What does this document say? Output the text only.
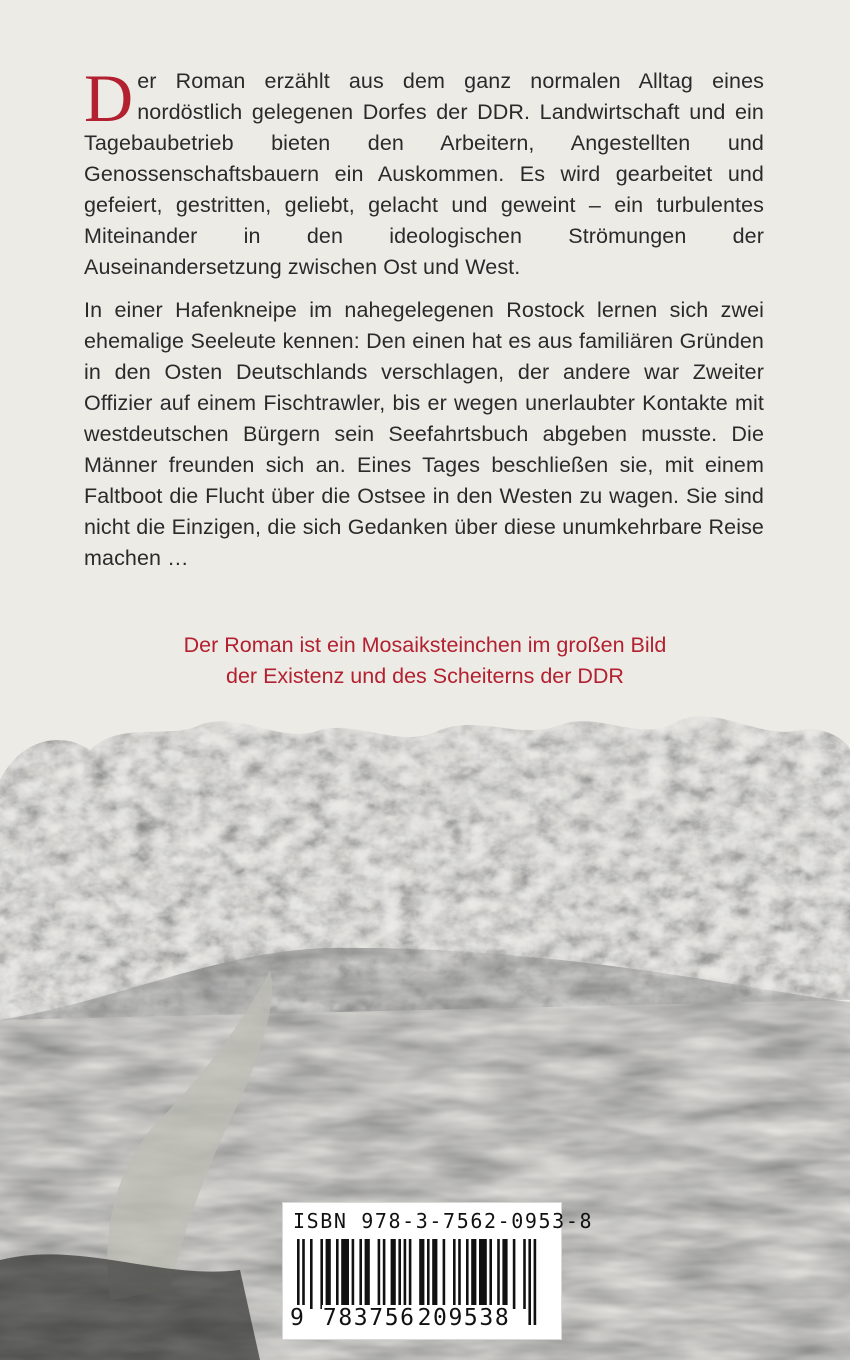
Der Roman erzählt aus dem ganz normalen Alltag eines nordöstlich gelegenen Dorfes der DDR. Landwirtschaft und ein Tagebaubetrieb bieten den Arbeitern, Angestellten und Genossenschaftsbauern ein Auskommen. Es wird gearbeitet und gefeiert, gestritten, geliebt, gelacht und geweint – ein turbulentes Miteinander in den ideologischen Strömungen der Auseinandersetzung zwischen Ost und West.

In einer Hafenkneipe im nahegelegenen Rostock lernen sich zwei ehemalige Seeleute kennen: Den einen hat es aus familiären Gründen in den Osten Deutschlands verschlagen, der andere war Zweiter Offizier auf einem Fischtrawler, bis er wegen unerlaubter Kontakte mit westdeutschen Bürgern sein Seefahrtsbuch abgeben musste. Die Männer freunden sich an. Eines Tages beschließen sie, mit einem Faltboot die Flucht über die Ostsee in den Westen zu wagen. Sie sind nicht die Einzigen, die sich Gedanken über diese unumkehrbare Reise machen …

Der Roman ist ein Mosaiksteinchen im großen Bild
der Existenz und des Scheiterns der DDR
ISBN 978-3-7562-0953-8
9 783756209538
